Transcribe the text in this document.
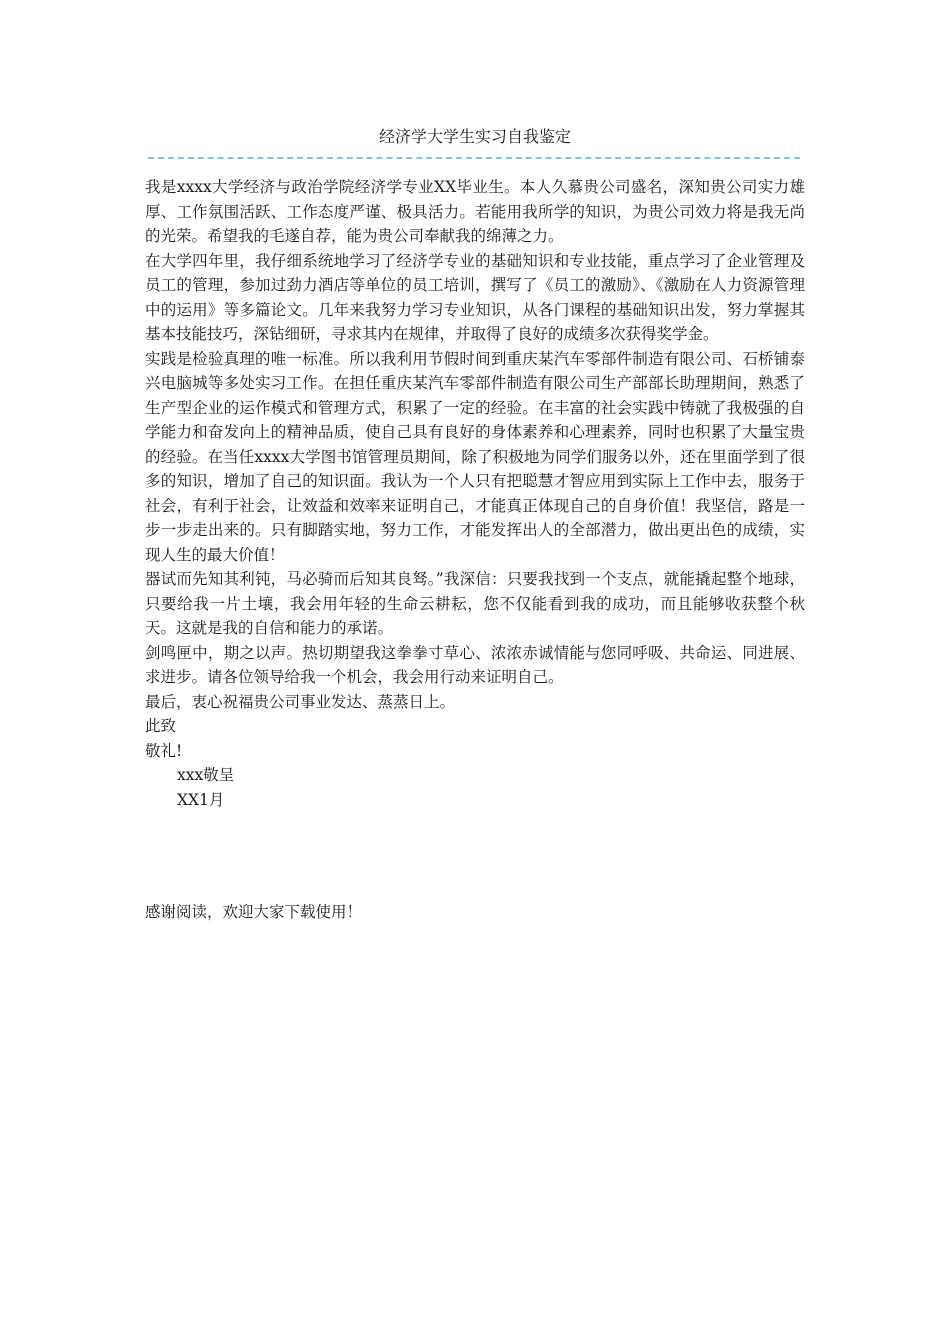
经济学大学生实习自我鉴定

我是xxxx大学经济与政治学院经济学专业XX毕业生。本人久慕贵公司盛名，深知贵公司实力雄厚、工作氛围活跃、工作态度严谨、极具活力。若能用我所学的知识，为贵公司效力将是我无尚的光荣。希望我的毛遂自荐，能为贵公司奉献我的绵薄之力。

在大学四年里，我仔细系统地学习了经济学专业的基础知识和专业技能，重点学习了企业管理及员工的管理，参加过劲力酒店等单位的员工培训，撰写了《员工的激励》、《激励在人力资源管理中的运用》等多篇论文。几年来我努力学习专业知识，从各门课程的基础知识出发，努力掌握其基本技能技巧，深钻细研，寻求其内在规律，并取得了良好的成绩多次获得奖学金。

实践是检验真理的唯一标准。所以我利用节假时间到重庆某汽车零部件制造有限公司、石桥铺泰兴电脑城等多处实习工作。在担任重庆某汽车零部件制造有限公司生产部部长助理期间，熟悉了生产型企业的运作模式和管理方式，积累了一定的经验。在丰富的社会实践中铸就了我极强的自学能力和奋发向上的精神品质，使自己具有良好的身体素养和心理素养，同时也积累了大量宝贵的经验。在当任xxxx大学图书馆管理员期间，除了积极地为同学们服务以外，还在里面学到了很多的知识，增加了自己的知识面。我认为一个人只有把聪慧才智应用到实际上工作中去，服务于社会，有利于社会，让效益和效率来证明自己，才能真正体现自己的自身价值！我坚信，路是一步一步走出来的。只有脚踏实地，努力工作，才能发挥出人的全部潜力，做出更出色的成绩，实现人生的最大价值！

器试而先知其利钝，马必骑而后知其良驽。”我深信：只要我找到一个支点，就能撬起整个地球，只要给我一片土壤，我会用年轻的生命云耕耘，您不仅能看到我的成功，而且能够收获整个秋天。这就是我的自信和能力的承诺。

剑鸣匣中，期之以声。热切期望我这拳拳寸草心、浓浓赤诚情能与您同呼吸、共命运、同进展、求进步。请各位领导给我一个机会，我会用行动来证明自己。

最后，衷心祝福贵公司事业发达、蒸蒸日上。

此致

敬礼!

xxx敬呈

XX1月

感谢阅读，欢迎大家下载使用！
